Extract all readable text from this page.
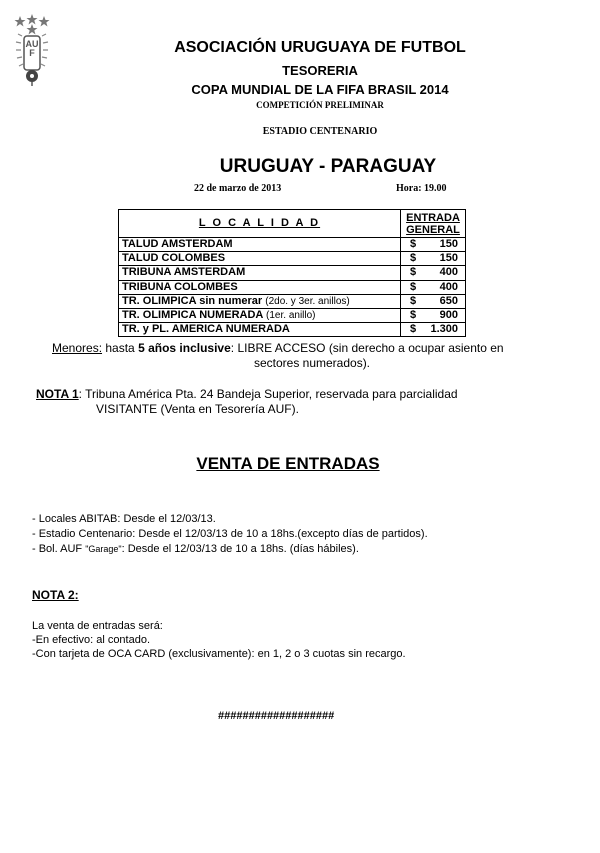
AUF	ASOCIACIÓN URUGUAYA DE FUTBOL
TESORERIA
COPA MUNDIAL DE LA FIFA BRASIL 2014
COMPETICIÓN PRELIMINAR
ESTADIO CENTENARIO
URUGUAY - PARAGUAY
22 de marzo de 2013	Hora: 19.00
L O C A L I D A D	ENTRADA
GENERAL
TALUD AMSTERDAM	$ 150

TALUD COLOMBES	$ 150

TRIBUNA AMSTERDAM	$ 400

TRIBUNA COLOMBES	$ 400

TR. OLIMPICA sin numerar (2do. y 3er. anillos)	$ 650

TR. OLIMPICA NUMERADA (1er. anillo)	$ 900

TR. y PL. AMERICA NUMERADA	$ 1.300
Menores: hasta 5 años inclusive: LIBRE ACCESO (sin derecho a ocupar asiento en
sectores numerados).
NOTA 1: Tribuna América Pta. 24 Bandeja Superior, reservada para parcialidad
VISITANTE (Venta en Tesorería AUF).
VENTA DE ENTRADAS
- Locales ABITAB: Desde el 12/03/13.
- Estadio Centenario: Desde el 12/03/13 de 10 a 18hs.(excepto días de partidos).
- Bol. AUF "Garage": Desde el 12/03/13 de 10 a 18hs. (días hábiles).
NOTA 2:
La venta de entradas será:
-En efectivo: al contado.
-Con tarjeta de OCA CARD (exclusivamente): en 1, 2 o 3 cuotas sin recargo.
###################
